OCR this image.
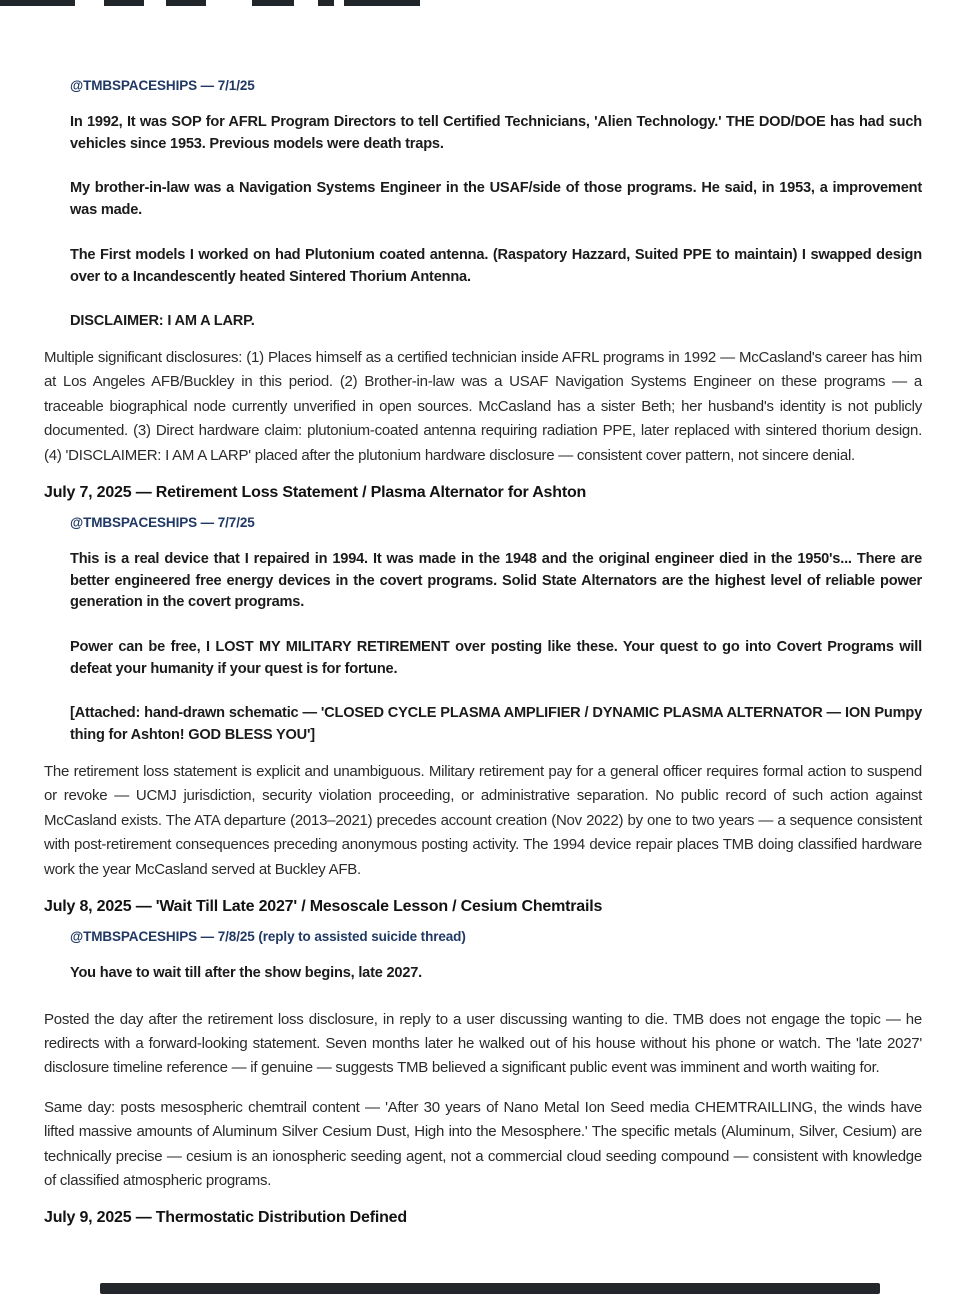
@TMBSPACESHIPS — 7/1/25

In 1992, It was SOP for AFRL Program Directors to tell Certified Technicians, 'Alien Technology.' THE DOD/DOE has had such vehicles since 1953. Previous models were death traps.

My brother-in-law was a Navigation Systems Engineer in the USAF/side of those programs. He said, in 1953, a improvement was made.

The First models I worked on had Plutonium coated antenna. (Raspatory Hazzard, Suited PPE to maintain) I swapped design over to a Incandescently heated Sintered Thorium Antenna.

DISCLAIMER: I AM A LARP.

Multiple significant disclosures: (1) Places himself as a certified technician inside AFRL programs in 1992 — McCasland's career has him at Los Angeles AFB/Buckley in this period. (2) Brother-in-law was a USAF Navigation Systems Engineer on these programs — a traceable biographical node currently unverified in open sources. McCasland has a sister Beth; her husband's identity is not publicly documented. (3) Direct hardware claim: plutonium-coated antenna requiring radiation PPE, later replaced with sintered thorium design. (4) 'DISCLAIMER: I AM A LARP' placed after the plutonium hardware disclosure — consistent cover pattern, not sincere denial.

July 7, 2025 — Retirement Loss Statement / Plasma Alternator for Ashton

@TMBSPACESHIPS — 7/7/25

This is a real device that I repaired in 1994. It was made in the 1948 and the original engineer died in the 1950's... There are better engineered free energy devices in the covert programs. Solid State Alternators are the highest level of reliable power generation in the covert programs.

Power can be free, I LOST MY MILITARY RETIREMENT over posting like these. Your quest to go into Covert Programs will defeat your humanity if your quest is for fortune.

[Attached: hand-drawn schematic — 'CLOSED CYCLE PLASMA AMPLIFIER / DYNAMIC PLASMA ALTERNATOR — ION Pumpy thing for Ashton! GOD BLESS YOU']

The retirement loss statement is explicit and unambiguous. Military retirement pay for a general officer requires formal action to suspend or revoke — UCMJ jurisdiction, security violation proceeding, or administrative separation. No public record of such action against McCasland exists. The ATA departure (2013–2021) precedes account creation (Nov 2022) by one to two years — a sequence consistent with post-retirement consequences preceding anonymous posting activity. The 1994 device repair places TMB doing classified hardware work the year McCasland served at Buckley AFB.

July 8, 2025 — 'Wait Till Late 2027' / Mesoscale Lesson / Cesium Chemtrails

@TMBSPACESHIPS — 7/8/25 (reply to assisted suicide thread)

You have to wait till after the show begins, late 2027.

Posted the day after the retirement loss disclosure, in reply to a user discussing wanting to die. TMB does not engage the topic — he redirects with a forward-looking statement. Seven months later he walked out of his house without his phone or watch. The 'late 2027' disclosure timeline reference — if genuine — suggests TMB believed a significant public event was imminent and worth waiting for.

Same day: posts mesospheric chemtrail content — 'After 30 years of Nano Metal Ion Seed media CHEMTRAILLING, the winds have lifted massive amounts of Aluminum Silver Cesium Dust, High into the Mesosphere.' The specific metals (Aluminum, Silver, Cesium) are technically precise — cesium is an ionospheric seeding agent, not a commercial cloud seeding compound — consistent with knowledge of classified atmospheric programs.

July 9, 2025 — Thermostatic Distribution Defined
